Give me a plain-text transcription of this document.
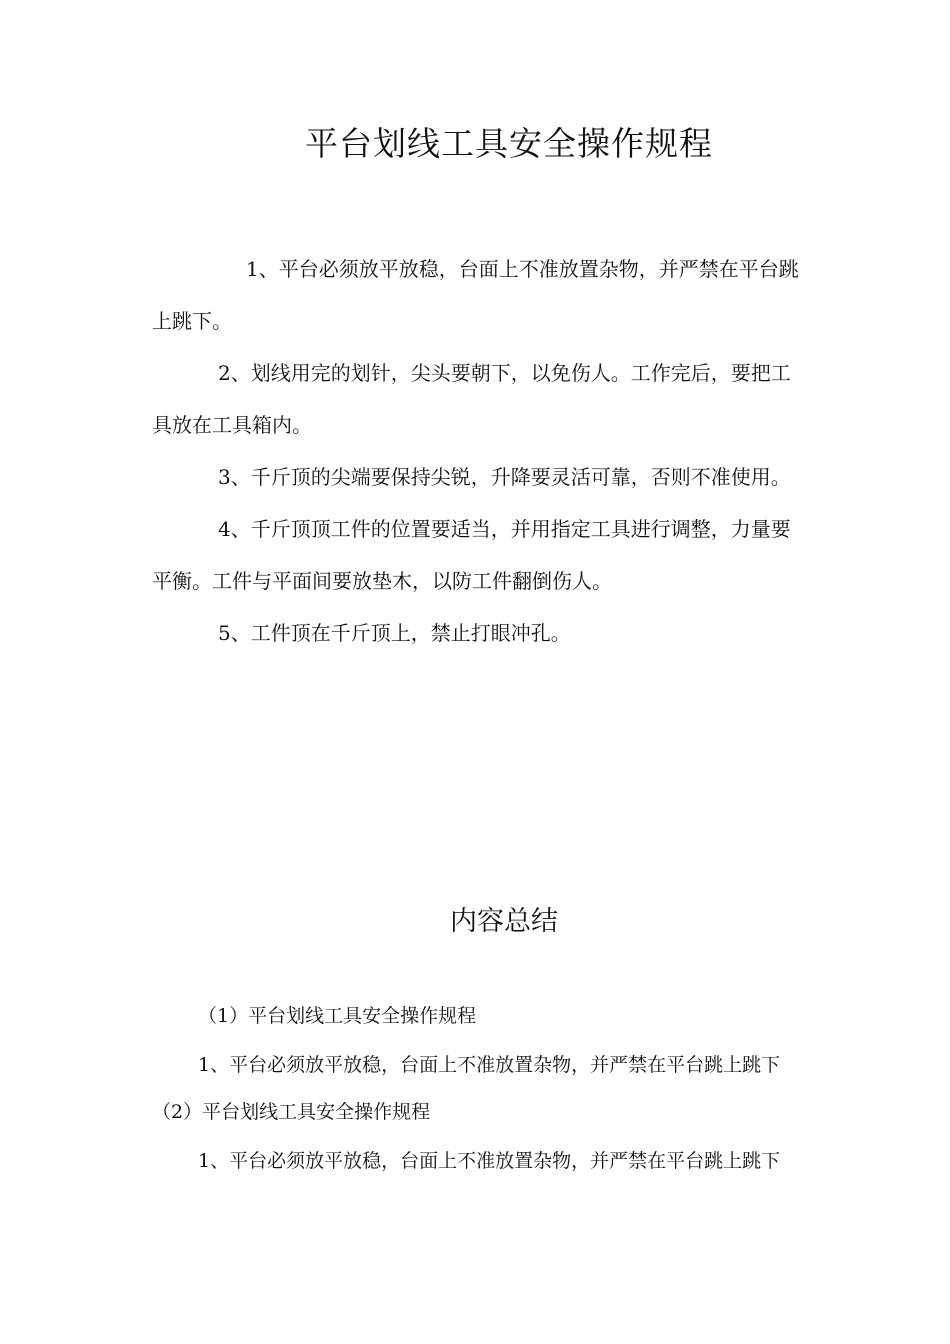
平台划线工具安全操作规程

1、平台必须放平放稳，台面上不准放置杂物，并严禁在平台跳上跳下。

2、划线用完的划针，尖头要朝下，以免伤人。工作完后，要把工具放在工具箱内。

3、千斤顶的尖端要保持尖锐，升降要灵活可靠，否则不准使用。

4、千斤顶顶工件的位置要适当，并用指定工具进行调整，力量要平衡。工件与平面间要放垫木，以防工件翻倒伤人。

5、工件顶在千斤顶上，禁止打眼冲孔。

内容总结
（1）平台划线工具安全操作规程
1、平台必须放平放稳，台面上不准放置杂物，并严禁在平台跳上跳下
（2）平台划线工具安全操作规程
1、平台必须放平放稳，台面上不准放置杂物，并严禁在平台跳上跳下
